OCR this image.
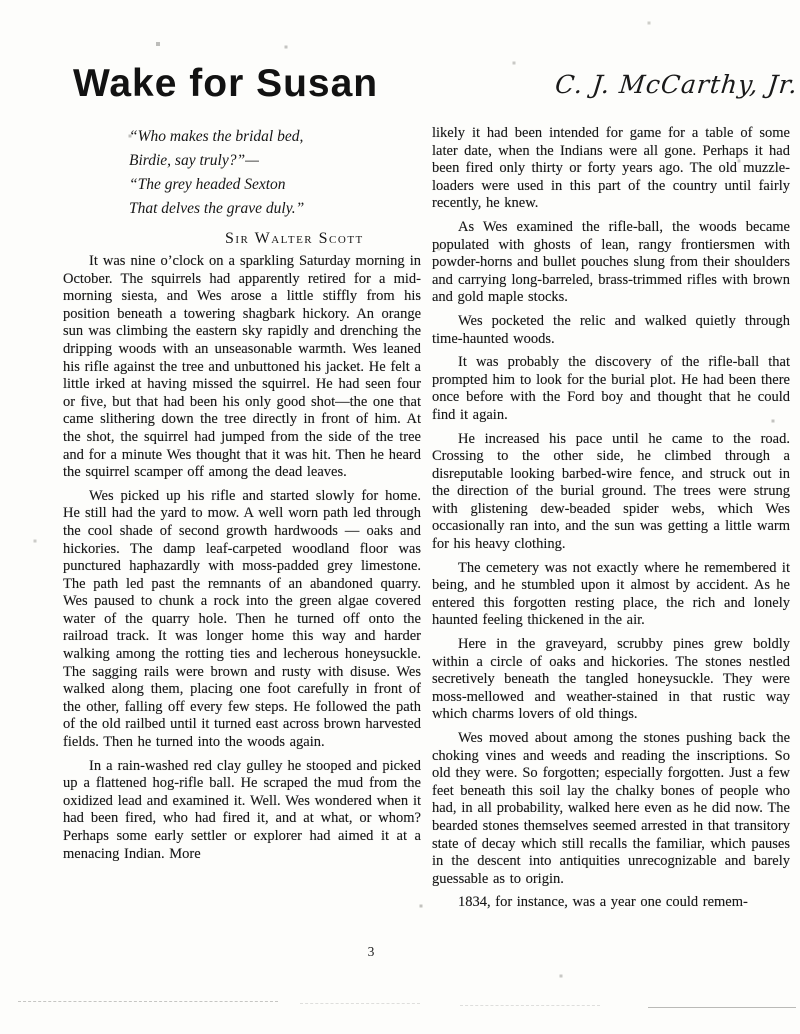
Wake for Susan	C. J. McCarthy, Jr.
“Who makes the bridal bed,
Birdie, say truly?”—
“The grey headed Sexton
That delves the grave duly.”
Sir Walter Scott

It was nine o’clock on a sparkling Saturday morning in October. The squirrels had apparently retired for a mid-morning siesta, and Wes arose a little stiffly from his position beneath a towering shagbark hickory. An orange sun was climbing the eastern sky rapidly and drenching the dripping woods with an unseasonable warmth. Wes leaned his rifle against the tree and unbuttoned his jacket. He felt a little irked at having missed the squirrel. He had seen four or five, but that had been his only good shot—the one that came slithering down the tree directly in front of him. At the shot, the squirrel had jumped from the side of the tree and for a minute Wes thought that it was hit. Then he heard the squirrel scamper off among the dead leaves.

Wes picked up his rifle and started slowly for home. He still had the yard to mow. A well worn path led through the cool shade of second growth hardwoods — oaks and hickories. The damp leaf-carpeted woodland floor was punctured haphazardly with moss-padded grey limestone. The path led past the remnants of an abandoned quarry. Wes paused to chunk a rock into the green algae covered water of the quarry hole. Then he turned off onto the railroad track. It was longer home this way and harder walking among the rotting ties and lecherous honeysuckle. The sagging rails were brown and rusty with disuse. Wes walked along them, placing one foot carefully in front of the other, falling off every few steps. He followed the path of the old railbed until it turned east across brown harvested fields. Then he turned into the woods again.

In a rain-washed red clay gulley he stooped and picked up a flattened hog-rifle ball. He scraped the mud from the oxidized lead and examined it. Well. Wes wondered when it had been fired, who had fired it, and at what, or whom? Perhaps some early settler or explorer had aimed it at a menacing Indian. More

likely it had been intended for game for a table of some later date, when the Indians were all gone. Perhaps it had been fired only thirty or forty years ago. The old muzzle-loaders were used in this part of the country until fairly recently, he knew.

As Wes examined the rifle-ball, the woods became populated with ghosts of lean, rangy frontiersmen with powder-horns and bullet pouches slung from their shoulders and carrying long-barreled, brass-trimmed rifles with brown and gold maple stocks.

Wes pocketed the relic and walked quietly through time-haunted woods.

It was probably the discovery of the rifle-ball that prompted him to look for the burial plot. He had been there once before with the Ford boy and thought that he could find it again.

He increased his pace until he came to the road. Crossing to the other side, he climbed through a disreputable looking barbed-wire fence, and struck out in the direction of the burial ground. The trees were strung with glistening dew-beaded spider webs, which Wes occasionally ran into, and the sun was getting a little warm for his heavy clothing.

The cemetery was not exactly where he remembered it being, and he stumbled upon it almost by accident. As he entered this forgotten resting place, the rich and lonely haunted feeling thickened in the air.

Here in the graveyard, scrubby pines grew boldly within a circle of oaks and hickories. The stones nestled secretively beneath the tangled honeysuckle. They were moss-mellowed and weather-stained in that rustic way which charms lovers of old things.

Wes moved about among the stones pushing back the choking vines and weeds and reading the inscriptions. So old they were. So forgotten; especially forgotten. Just a few feet beneath this soil lay the chalky bones of people who had, in all probability, walked here even as he did now. The bearded stones themselves seemed arrested in that transitory state of decay which still recalls the familiar, which pauses in the descent into antiquities unrecognizable and barely guessable as to origin.

1834, for instance, was a year one could remem-

3
